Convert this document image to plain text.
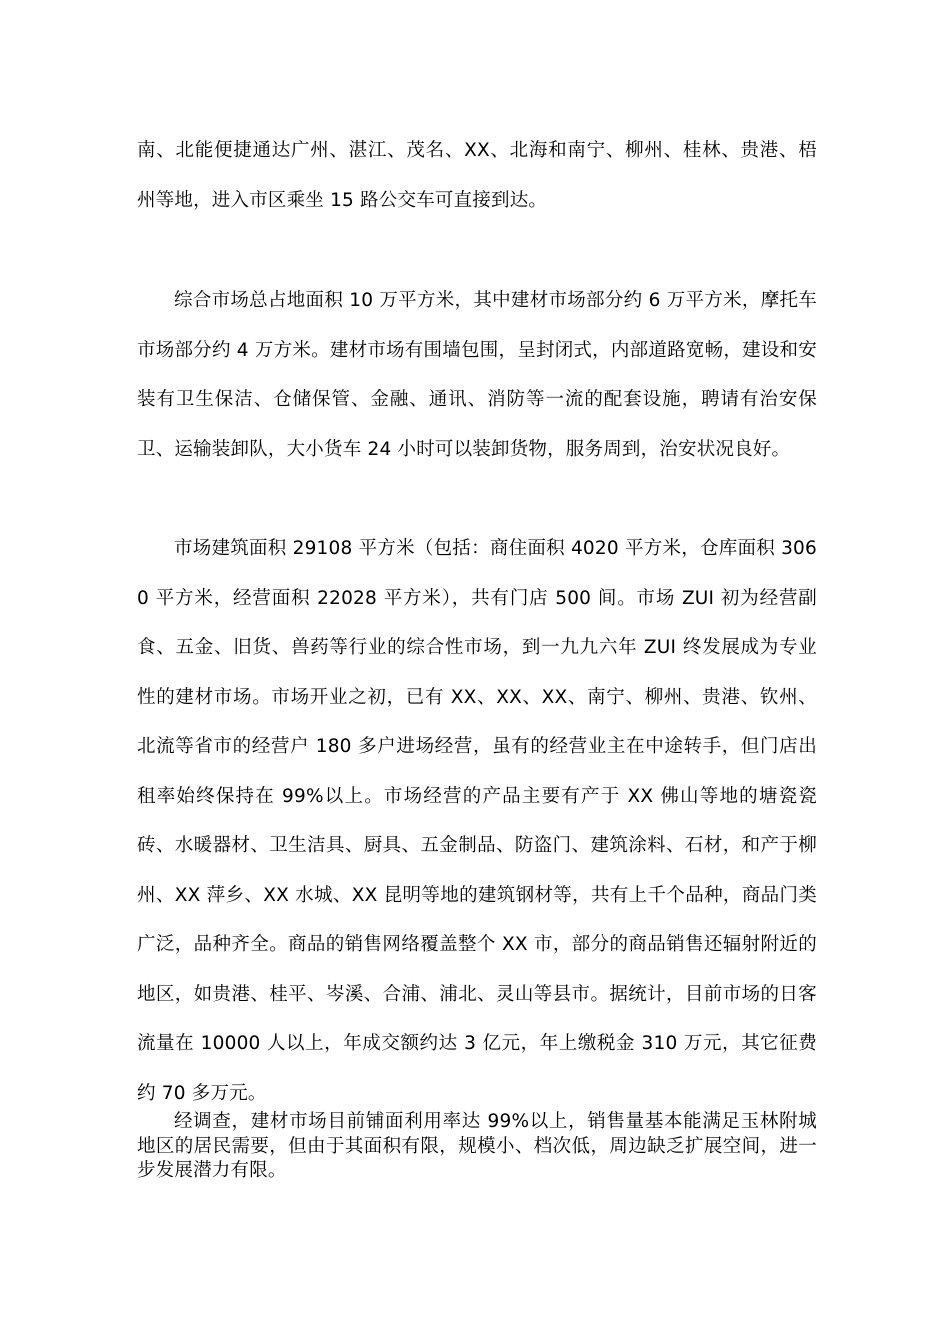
南、北能便捷通达广州、湛江、茂名、XX、北海和南宁、柳州、桂林、贵港、梧州等地，进入市区乘坐 15 路公交车可直接到达。

综合市场总占地面积 10 万平方米，其中建材市场部分约 6 万平方米，摩托车市场部分约 4 万方米。建材市场有围墙包围，呈封闭式，内部道路宽畅，建设和安装有卫生保洁、仓储保管、金融、通讯、消防等一流的配套设施，聘请有治安保卫、运输装卸队，大小货车 24 小时可以装卸货物，服务周到，治安状况良好。

市场建筑面积 29108 平方米（包括：商住面积 4020 平方米，仓库面积 3060 平方米，经营面积 22028 平方米），共有门店 500 间。市场 ZUI 初为经营副食、五金、旧货、兽药等行业的综合性市场，到一九九六年 ZUI 终发展成为专业性的建材市场。市场开业之初，已有 XX、XX、XX、南宁、柳州、贵港、钦州、北流等省市的经营户 180 多户进场经营，虽有的经营业主在中途转手，但门店出租率始终保持在 99%以上。市场经营的产品主要有产于 XX 佛山等地的塘瓷瓷砖、水暖器材、卫生洁具、厨具、五金制品、防盗门、建筑涂料、石材，和产于柳州、XX 萍乡、XX 水城、XX 昆明等地的建筑钢材等，共有上千个品种，商品门类广泛，品种齐全。商品的销售网络覆盖整个 XX 市，部分的商品销售还辐射附近的地区，如贵港、桂平、岑溪、合浦、浦北、灵山等县市。据统计，目前市场的日客流量在 10000 人以上，年成交额约达 3 亿元，年上缴税金 310 万元，其它征费约 70 多万元。

经调查，建材市场目前铺面利用率达 99%以上，销售量基本能满足玉林附城地区的居民需要，但由于其面积有限，规模小、档次低，周边缺乏扩展空间，进一步发展潜力有限。
